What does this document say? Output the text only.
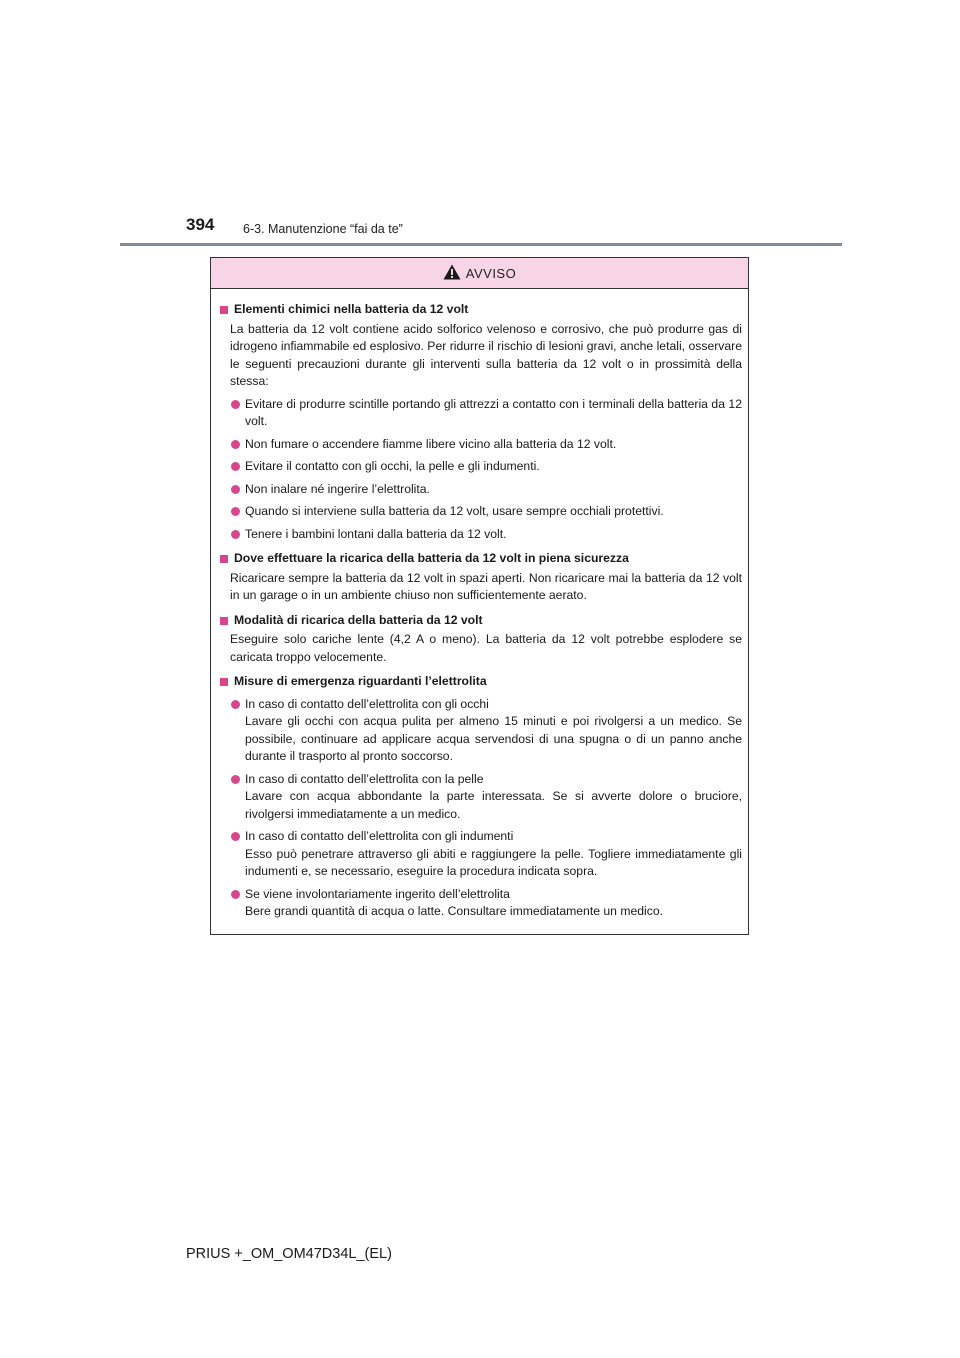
394 6-3. Manutenzione “fai da te”
AVVISO
Elementi chimici nella batteria da 12 volt
La batteria da 12 volt contiene acido solforico velenoso e corrosivo, che può produrre gas di idrogeno infiammabile ed esplosivo. Per ridurre il rischio di lesioni gravi, anche letali, osservare le seguenti precauzioni durante gli interventi sulla batteria da 12 volt o in prossimità della stessa:
Evitare di produrre scintille portando gli attrezzi a contatto con i terminali della batteria da 12 volt.
Non fumare o accendere fiamme libere vicino alla batteria da 12 volt.
Evitare il contatto con gli occhi, la pelle e gli indumenti.
Non inalare né ingerire l’elettrolita.
Quando si interviene sulla batteria da 12 volt, usare sempre occhiali protettivi.
Tenere i bambini lontani dalla batteria da 12 volt.
Dove effettuare la ricarica della batteria da 12 volt in piena sicurezza
Ricaricare sempre la batteria da 12 volt in spazi aperti. Non ricaricare mai la batteria da 12 volt in un garage o in un ambiente chiuso non sufficientemente aerato.
Modalità di ricarica della batteria da 12 volt
Eseguire solo cariche lente (4,2 A o meno). La batteria da 12 volt potrebbe esplodere se caricata troppo velocemente.
Misure di emergenza riguardanti l’elettrolita
In caso di contatto dell’elettrolita con gli occhi
Lavare gli occhi con acqua pulita per almeno 15 minuti e poi rivolgersi a un medico. Se possibile, continuare ad applicare acqua servendosi di una spugna o di un panno anche durante il trasporto al pronto soccorso.
In caso di contatto dell’elettrolita con la pelle
Lavare con acqua abbondante la parte interessata. Se si avverte dolore o bruciore, rivolgersi immediatamente a un medico.
In caso di contatto dell’elettrolita con gli indumenti
Esso può penetrare attraverso gli abiti e raggiungere la pelle. Togliere immediatamente gli indumenti e, se necessario, eseguire la procedura indicata sopra.
Se viene involontariamente ingerito dell’elettrolita
Bere grandi quantità di acqua o latte. Consultare immediatamente un medico.
PRIUS +_OM_OM47D34L_(EL)
